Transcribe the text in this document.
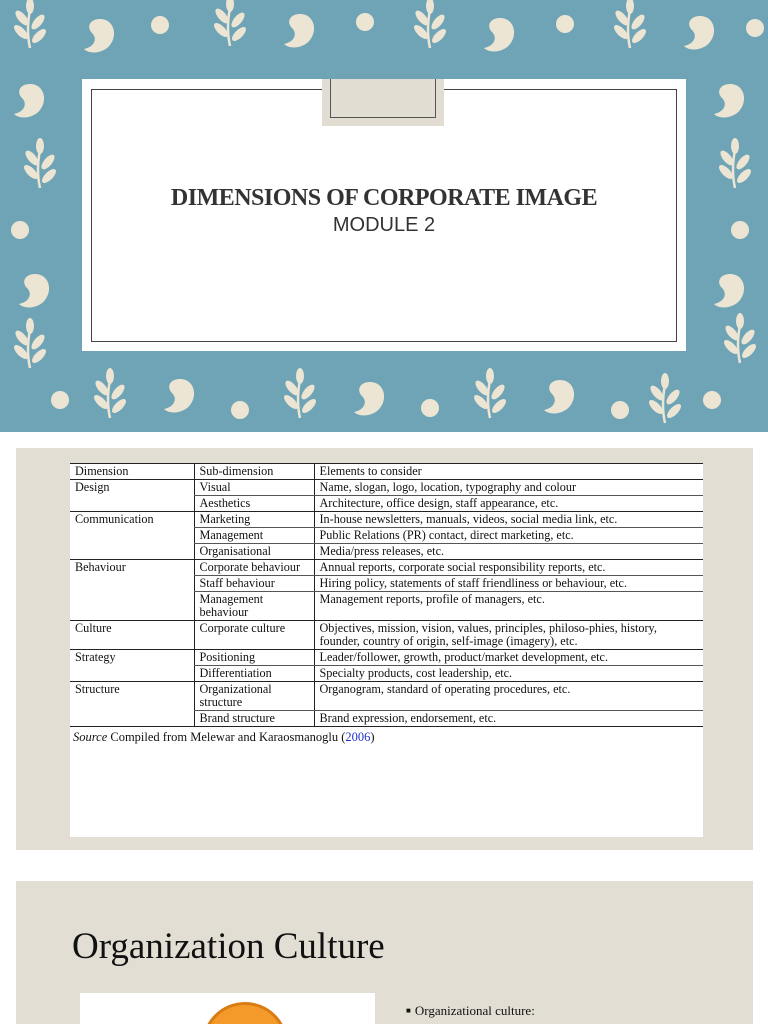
DIMENSIONS OF CORPORATE IMAGE
MODULE 2
Dimension	Sub-dimension	Elements to consider
Design	Visual	Name, slogan, logo, location, typography and colour
	Aesthetics	Architecture, office design, staff appearance, etc.
Communication	Marketing	In-house newsletters, manuals, videos, social media link, etc.
	Management	Public Relations (PR) contact, direct marketing, etc.
	Organisational	Media/press releases, etc.
Behaviour	Corporate behaviour	Annual reports, corporate social responsibility reports, etc.
	Staff behaviour	Hiring policy, statements of staff friendliness or behaviour, etc.
	Management behaviour	Management reports, profile of managers, etc.
Culture	Corporate culture	Objectives, mission, vision, values, principles, philoso-phies, history, founder, country of origin, self-image (imagery), etc.
Strategy	Positioning	Leader/follower, growth, product/market development, etc.
	Differentiation	Specialty products, cost leadership, etc.
Structure	Organizational structure	Organogram, standard of operating procedures, etc.
	Brand structure	Brand expression, endorsement, etc.
Source Compiled from Melewar and Karaosmanoglu (2006)
Organization Culture
■ Organizational culture:
